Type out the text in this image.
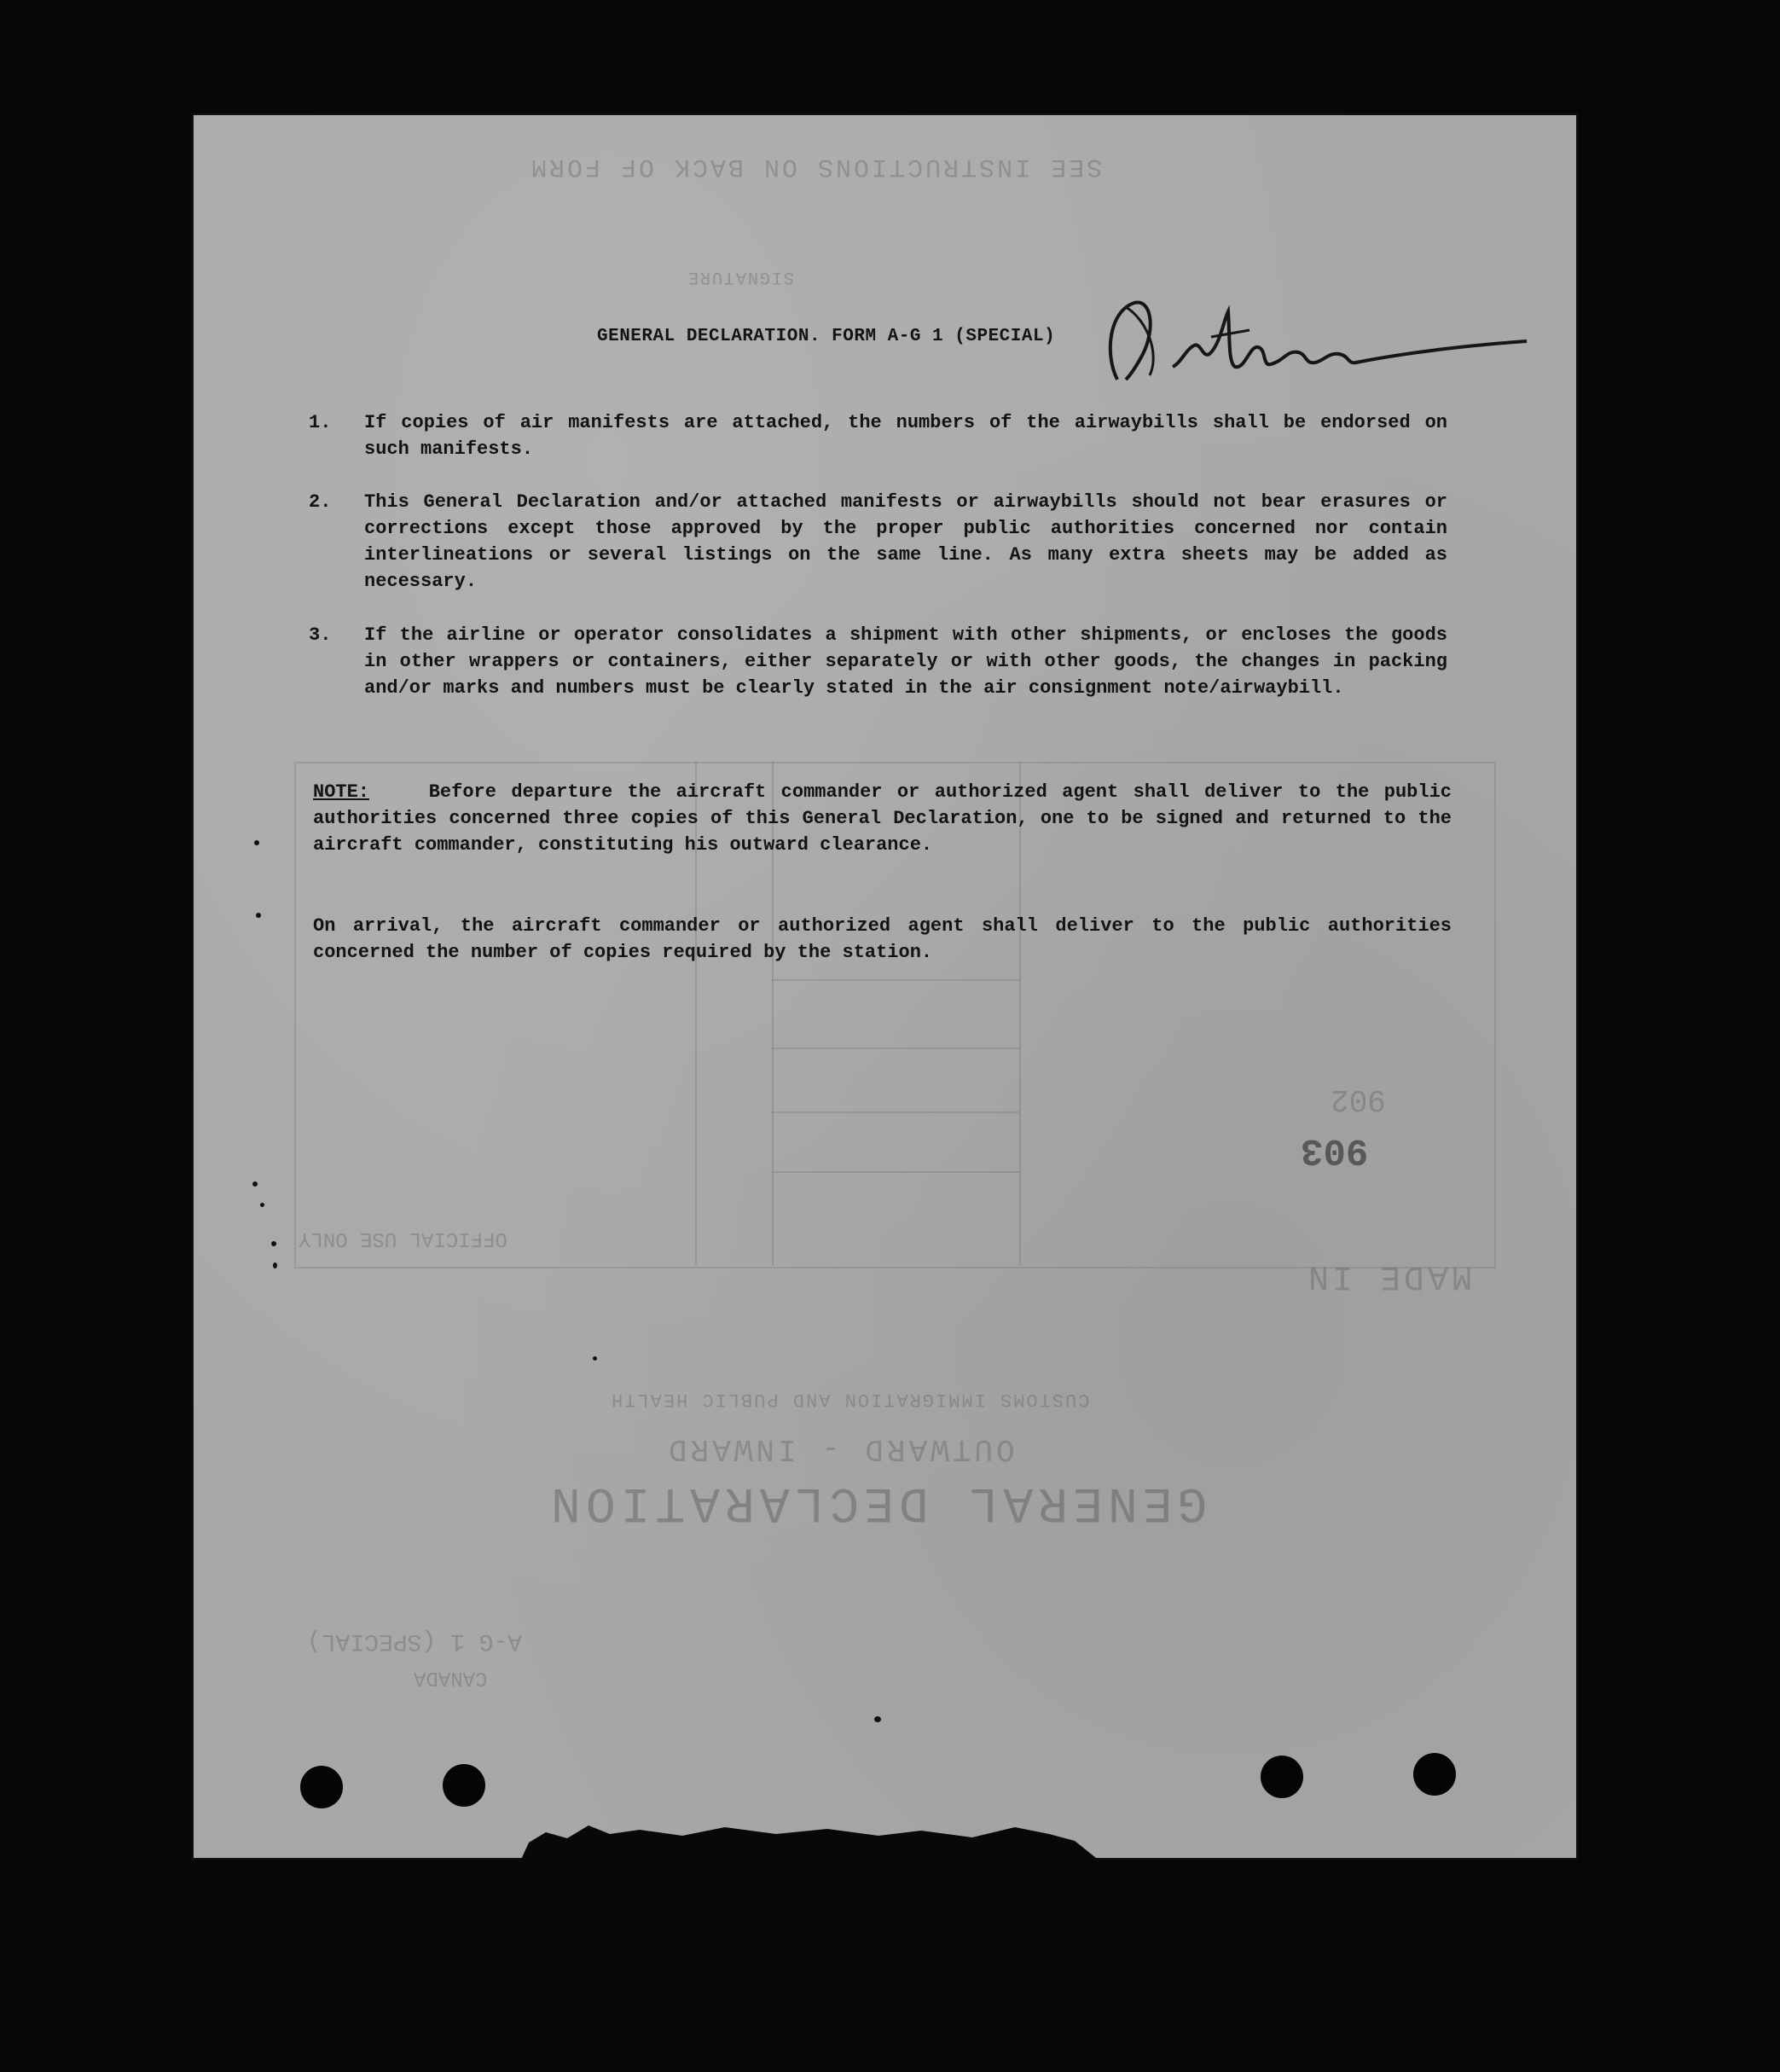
SEE INSTRUCTIONS ON BACK OF FORM
SIGNATURE
903
902
GENERAL DECLARATION
OUTWARD - INWARD
CUSTOMS IMMIGRATION AND PUBLIC HEALTH
A-G 1 (SPECIAL)
CANADA
OFFICIAL USE ONLY
MADE IN
GENERAL DECLARATION. FORM A-G 1 (SPECIAL)
1. If copies of air manifests are attached, the numbers of the airwaybills shall be endorsed on such manifests.
2. This General Declaration and/or attached manifests or airwaybills should not bear erasures or corrections except those approved by the proper public authorities concerned nor contain interlineations or several listings on the same line. As many extra sheets may be added as necessary.
3. If the airline or operator consolidates a shipment with other shipments, or encloses the goods in other wrappers or containers, either separately or with other goods, the changes in packing and/or marks and numbers must be clearly stated in the air consignment note/airwaybill.
NOTE:	Before departure the aircraft commander or authorized agent shall deliver to the public authorities concerned three copies of this General Declaration, one to be signed and returned to the aircraft commander, constituting his outward clearance.
On arrival, the aircraft commander or authorized agent shall deliver to the public authorities concerned the number of copies required by the station.
